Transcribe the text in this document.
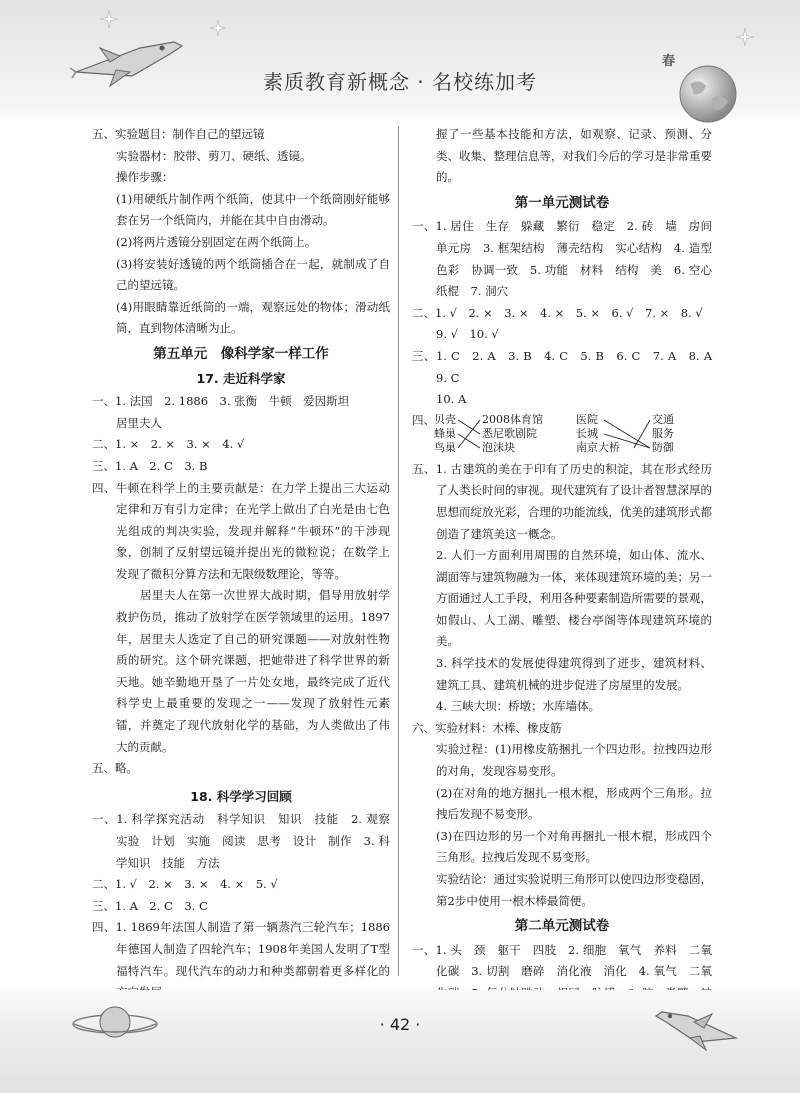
春
素质教育新概念 · 名校练加考

五、实验题目：制作自己的望远镜

实验器材：胶带、剪刀、硬纸、透镜。

操作步骤：

(1)用硬纸片制作两个纸筒，使其中一个纸筒刚好能够套在另一个纸筒内，并能在其中自由滑动。

(2)将两片透镜分别固定在两个纸筒上。

(3)将安装好透镜的两个纸筒插合在一起，就制成了自己的望远镜。

(4)用眼睛靠近纸筒的一端，观察远处的物体；滑动纸筒，直到物体清晰为止。

第五单元　像科学家一样工作
17. 走近科学家

一、1. 法国　2. 1886　3. 张衡　牛顿　爱因斯坦

居里夫人

二、1. ×　2. ×　3. ×　4. √

三、1. A　2. C　3. B

四、牛顿在科学上的主要贡献是：在力学上提出三大运动定律和万有引力定律；在光学上做出了白光是由七色光组成的判决实验，发现并解释“牛顿环”的干涉现象，创制了反射望远镜并提出光的微粒说；在数学上发现了微积分算方法和无限级数理论，等等。

居里夫人在第一次世界大战时期，倡导用放射学救护伤员，推动了放射学在医学领域里的运用。1897年，居里夫人选定了自己的研究课题——对放射性物质的研究。这个研究课题，把她带进了科学世界的新天地。她辛勤地开垦了一片处女地，最终完成了近代科学史上最重要的发现之一——发现了放射性元素镭，并奠定了现代放射化学的基础，为人类做出了伟大的贡献。

五、略。

18. 科学学习回顾

一、1. 科学探究活动　科学知识　知识　技能　2. 观察　实验　计划　实施　阅读　思考　设计　制作　3. 科学知识　技能　方法

二、1. √　2. ×　3. ×　4. ×　5. √

三、1. A　2. C　3. C

四、1. 1869年法国人制造了第一辆蒸汽三轮汽车；1886年德国人制造了四轮汽车；1908年美国人发明了T型福特汽车。现代汽车的动力和种类都朝着更多样化的

握了一些基本技能和方法，如观察、记录、预测、分类、收集、整理信息等，对我们今后的学习是非常重要的。

第一单元测试卷

一、1. 居住　生存　躲藏　繁衍　稳定　2. 砖　墙　房间　单元房　3. 框架结构　薄壳结构　实心结构　4. 造型　色彩　协调一致　5. 功能　材料　结构　美　6. 空心　纸棍　7. 洞穴

二、1. √　2. ×　3. ×　4. ×　5. ×　6. √　7. ×　8. √

9. √　10. √

三、1. C　2. A　3. B　4. C　5. B　6. C　7. A　8. A　9. C

10. A

四、 贝壳
蜂巢
鸟巢
2008体育馆
悉尼歌剧院
泡沫块
医院
长城
南京大桥
交通
服务
防御

五、1. 古建筑的美在于印有了历史的积淀，其在形式经历了人类长时间的审视。现代建筑有了设计者智慧深厚的思想而绽放光彩，合理的功能流线，优美的建筑形式都创造了建筑美这一概念。

2. 人们一方面利用周围的自然环境，如山体、流水、湖面等与建筑物融为一体，来体现建筑环境的美；另一方面通过人工手段，利用各种要素制造所需要的景观，如假山、人工湖、雕塑、楼台亭阁等体现建筑环境的美。

3. 科学技术的发展使得建筑得到了进步，建筑材料、建筑工具、建筑机械的进步促进了房屋里的发展。

4. 三峡大坝：桥墩；水库墙体。

六、实验材料：木棒、橡皮筋

实验过程：(1)用橡皮筋捆扎一个四边形。拉拽四边形的对角，发现容易变形。

(2)在对角的地方捆扎一根木棍，形成两个三角形。拉拽后发现不易变形。

(3)在四边形的另一个对角再捆扎一根木棍，形成四个三角形。拉拽后发现不易变形。

实验结论：通过实验说明三角形可以使四边形变稳固，第2步中使用一根木棒最简便。

第二单元测试卷

一、1. 头　颈　躯干　四肢　2. 细胞　氧气　养料　二氧化碳　3. 切割　磨碎　消化液　消化　4. 氧气　二氧　 　　　 　　　 　　 　　 　　 　 　

· 42 ·
